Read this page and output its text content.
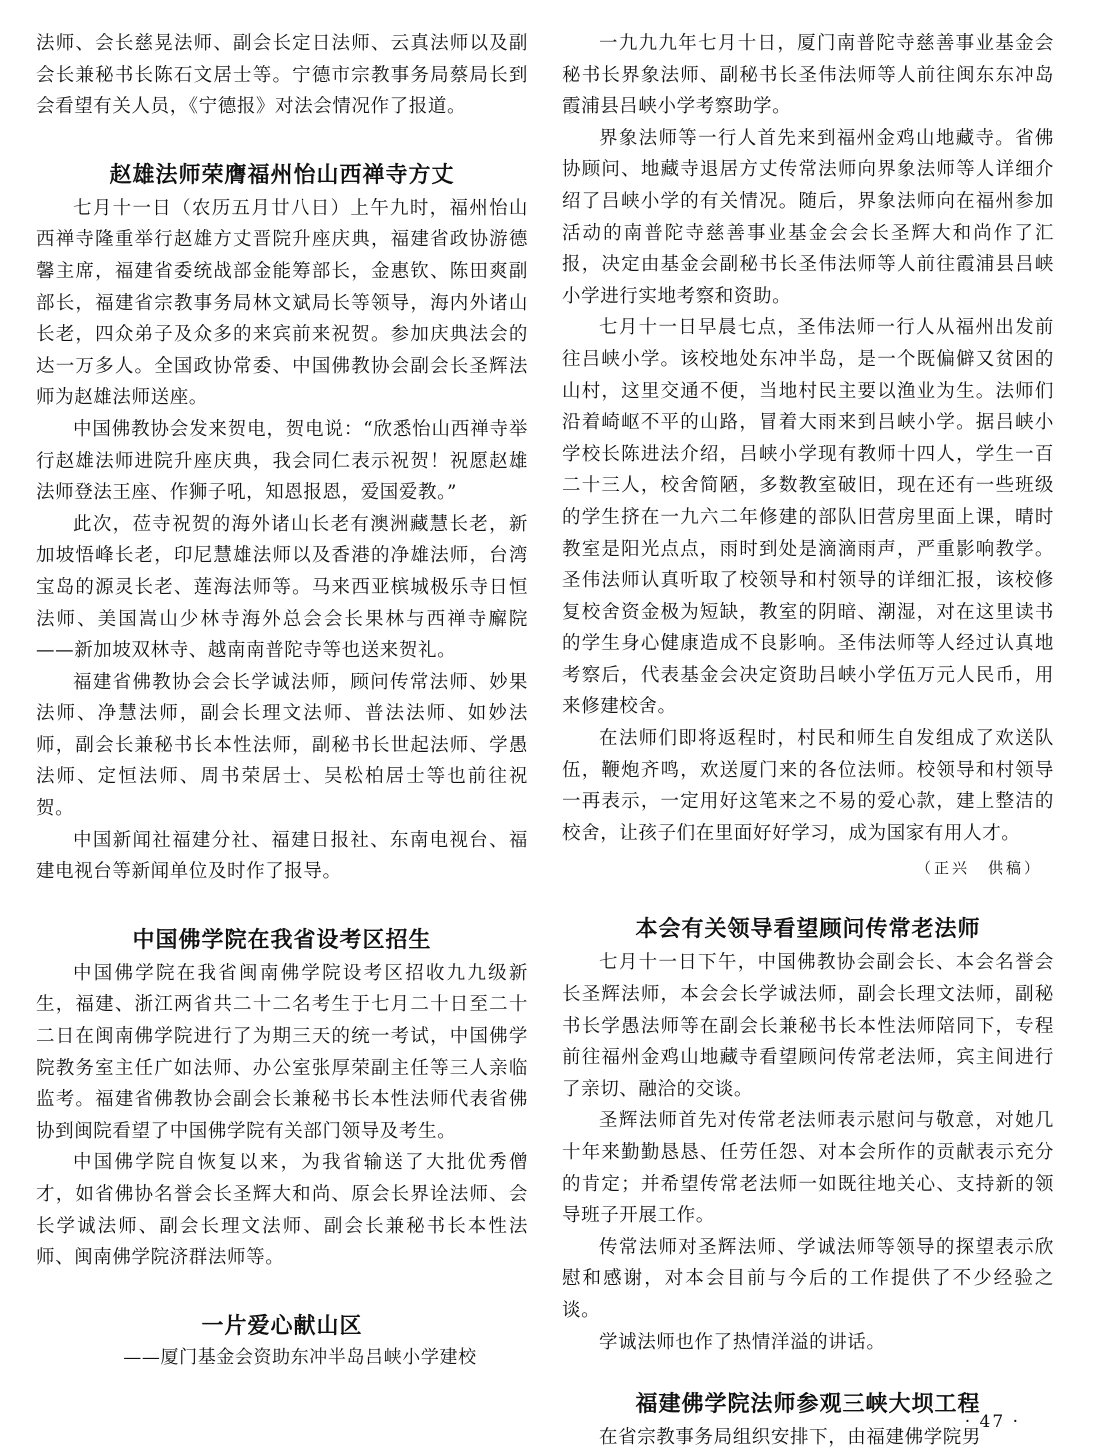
法师、会长慈晃法师、副会长定日法师、云真法师以及副会长兼秘书长陈石文居士等。宁德市宗教事务局蔡局长到会看望有关人员，《宁德报》对法会情况作了报道。

赵雄法师荣膺福州怡山西禅寺方丈

七月十一日（农历五月廿八日）上午九时，福州怡山西禅寺隆重举行赵雄方丈晋院升座庆典，福建省政协游德馨主席，福建省委统战部金能筹部长，金惠钦、陈田爽副部长，福建省宗教事务局林文斌局长等领导，海内外诸山长老，四众弟子及众多的来宾前来祝贺。参加庆典法会的达一万多人。全国政协常委、中国佛教协会副会长圣辉法师为赵雄法师送座。

中国佛教协会发来贺电，贺电说：“欣悉怡山西禅寺举行赵雄法师进院升座庆典，我会同仁表示祝贺！祝愿赵雄法师登法王座、作狮子吼，知恩报恩，爱国爱教。”

此次，莅寺祝贺的海外诸山长老有澳洲藏慧长老，新加坡悟峰长老，印尼慧雄法师以及香港的净雄法师，台湾宝岛的源灵长老、莲海法师等。马来西亚槟城极乐寺日恒法师、美国嵩山少林寺海外总会会长果林与西禅寺廨院——新加坡双林寺、越南南普陀寺等也送来贺礼。

福建省佛教协会会长学诚法师，顾问传常法师、妙果法师、净慧法师，副会长理文法师、普法法师、如妙法师，副会长兼秘书长本性法师，副秘书长世起法师、学愚法师、定恒法师、周书荣居士、吴松柏居士等也前往祝贺。

中国新闻社福建分社、福建日报社、东南电视台、福建电视台等新闻单位及时作了报导。

中国佛学院在我省设考区招生

中国佛学院在我省闽南佛学院设考区招收九九级新生，福建、浙江两省共二十二名考生于七月二十日至二十二日在闽南佛学院进行了为期三天的统一考试，中国佛学院教务室主任广如法师、办公室张厚荣副主任等三人亲临监考。福建省佛教协会副会长兼秘书长本性法师代表省佛协到闽院看望了中国佛学院有关部门领导及考生。

中国佛学院自恢复以来，为我省输送了大批优秀僧才，如省佛协名誉会长圣辉大和尚、原会长界诠法师、会长学诚法师、副会长理文法师、副会长兼秘书长本性法师、闽南佛学院济群法师等。

一片爱心献山区

——厦门基金会资助东冲半岛吕峡小学建校

一九九九年七月十日，厦门南普陀寺慈善事业基金会秘书长界象法师、副秘书长圣伟法师等人前往闽东东冲岛霞浦县吕峡小学考察助学。

界象法师等一行人首先来到福州金鸡山地藏寺。省佛协顾问、地藏寺退居方丈传常法师向界象法师等人详细介绍了吕峡小学的有关情况。随后，界象法师向在福州参加活动的南普陀寺慈善事业基金会会长圣辉大和尚作了汇报，决定由基金会副秘书长圣伟法师等人前往霞浦县吕峡小学进行实地考察和资助。

七月十一日早晨七点，圣伟法师一行人从福州出发前往吕峡小学。该校地处东冲半岛，是一个既偏僻又贫困的山村，这里交通不便，当地村民主要以渔业为生。法师们沿着崎岖不平的山路，冒着大雨来到吕峡小学。据吕峡小学校长陈进法介绍，吕峡小学现有教师十四人，学生一百二十三人，校舍简陋，多数教室破旧，现在还有一些班级的学生挤在一九六二年修建的部队旧营房里面上课，晴时教室是阳光点点，雨时到处是滴滴雨声，严重影响教学。圣伟法师认真听取了校领导和村领导的详细汇报，该校修复校舍资金极为短缺，教室的阴暗、潮湿，对在这里读书的学生身心健康造成不良影响。圣伟法师等人经过认真地考察后，代表基金会决定资助吕峡小学伍万元人民币，用来修建校舍。

在法师们即将返程时，村民和师生自发组成了欢送队伍，鞭炮齐鸣，欢送厦门来的各位法师。校领导和村领导一再表示，一定用好这笔来之不易的爱心款，建上整洁的校舍，让孩子们在里面好好学习，成为国家有用人才。

（正兴　供稿）

本会有关领导看望顾问传常老法师

七月十一日下午，中国佛教协会副会长、本会名誉会长圣辉法师，本会会长学诚法师，副会长理文法师，副秘书长学愚法师等在副会长兼秘书长本性法师陪同下，专程前往福州金鸡山地藏寺看望顾问传常老法师，宾主间进行了亲切、融洽的交谈。

圣辉法师首先对传常老法师表示慰问与敬意，对她几十年来勤勤恳恳、任劳任怨、对本会所作的贡献表示充分的肯定；并希望传常老法师一如既往地关心、支持新的领导班子开展工作。

传常法师对圣辉法师、学诚法师等领导的探望表示欣慰和感谢，对本会目前与今后的工作提供了不少经验之谈。

学诚法师也作了热情洋溢的讲话。

福建佛学院法师参观三峡大坝工程

在省宗教事务局组织安排下，由福建佛学院男

· 47 ·
